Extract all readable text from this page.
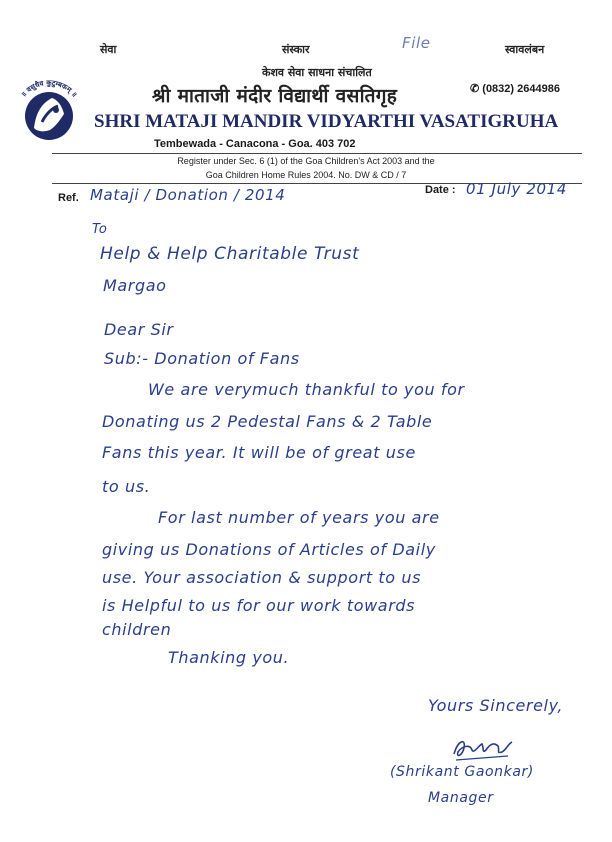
सेवा	संस्कार	स्वावलंबन
File
॥ वसुधैव कुटुम्बकम् ॥
केशव सेवा साधना संचालित
श्री माताजी मंदीर विद्यार्थी वसतिगृह	✆ (0832) 2644986
SHRI MATAJI MANDIR VIDYARTHI VASATIGRUHA
Tembewada - Canacona - Goa. 403 702
Register under Sec. 6 (1) of the Goa Children's Act 2003 and the
Goa Children Home Rules 2004. No. DW & CD / 7
Ref. Mataji / Donation / 2014	Date : 01 July 2014
To
Help & Help Charitable Trust
Margao
Dear Sir
Sub:- Donation of Fans
We are verymuch thankful to you for
Donating us 2 Pedestal Fans & 2 Table
Fans this year. It will be of great use
to us.
For last number of years you are
giving us Donations of Articles of Daily
use. Your association & support to us
is Helpful to us for our work towards
children
Thanking you.
Yours Sincerely,
(Shrikant Gaonkar)
Manager
